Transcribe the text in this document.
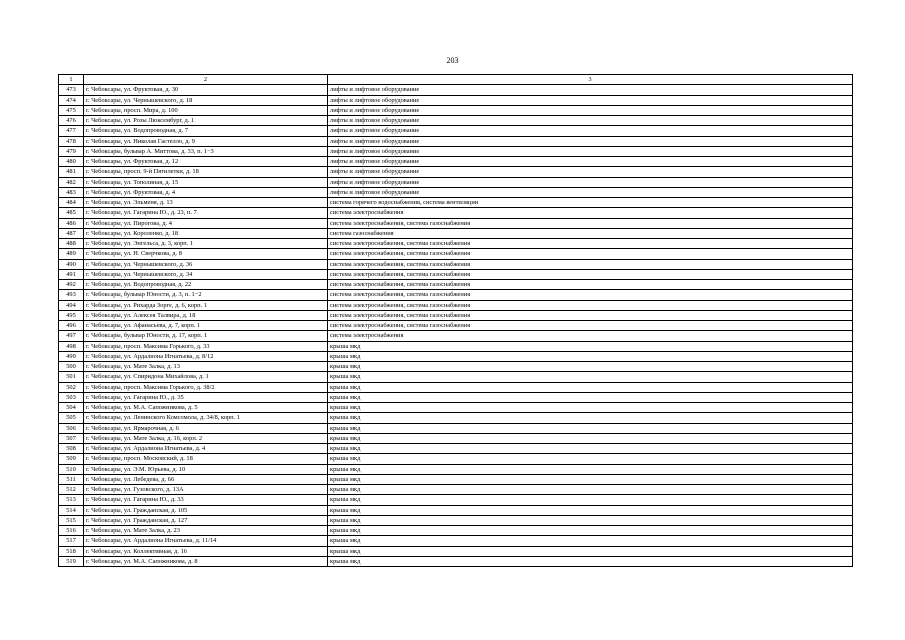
203
1	2	3
473	г. Чебоксары, ул. Фруктовая, д. 30	лифты и лифтовое оборудование
474	г. Чебоксары, ул. Чернышевского, д. 18	лифты и лифтовое оборудование
475	г. Чебоксары, просп. Мира, д. 100	лифты и лифтовое оборудование
476	г. Чебоксары, ул. Розы Люксембург, д. 1	лифты и лифтовое оборудование
477	г. Чебоксары, ул. Водопроводная, д. 7	лифты и лифтовое оборудование
478	г. Чебоксары, ул. Николая Гастелло, д. 9	лифты и лифтовое оборудование
479	г. Чебоксары, бульвар А. Миттова, д. 33, п. 1−3	лифты и лифтовое оборудование
480	г. Чебоксары, ул. Фруктовая, д. 12	лифты и лифтовое оборудование
481	г. Чебоксары, просп. 9-й Пятилетки, д. 18	лифты и лифтовое оборудование
482	г. Чебоксары, ул. Тополиная, д. 15	лифты и лифтовое оборудование
483	г. Чебоксары, ул. Фруктовая, д. 4	лифты и лифтовое оборудование
484	г. Чебоксары, ул. Эльменя, д. 13	система горячего водоснабжения, система вентиляции
485	г. Чебоксары, ул. Гагарина Ю., д. 23, п. 7	система электроснабжения
486	г. Чебоксары, ул. Пирогова, д. 4	система электроснабжения, система газоснабжения
487	г. Чебоксары, ул. Короленко, д. 18	система газоснабжения
488	г. Чебоксары, ул. Энгельса, д. 3, корп. 1	система электроснабжения, система газоснабжения
489	г. Чебоксары, ул. Н. Сверчкова, д. 8	система электроснабжения, система газоснабжения
490	г. Чебоксары, ул. Чернышевского, д. 36	система электроснабжения, система газоснабжения
491	г. Чебоксары, ул. Чернышевского, д. 34	система электроснабжения, система газоснабжения
492	г. Чебоксары, ул. Водопроводная, д. 22	система электроснабжения, система газоснабжения
493	г. Чебоксары, бульвар Юности, д. 3, п. 1−2	система электроснабжения, система газоснабжения
494	г. Чебоксары, ул. Рихарда Зорге, д. 6, корп. 1	система электроснабжения, система газоснабжения
495	г. Чебоксары, ул. Алексея Талвира, д. 18	система электроснабжения, система газоснабжения
496	г. Чебоксары, ул. Афанасьева, д. 7, корп. 1	система электроснабжения, система газоснабжения
497	г. Чебоксары, бульвар Юности, д. 17, корп. 1	система электроснабжения
498	г. Чебоксары, просп. Максима Горького, д. 33	крыша мкд
499	г. Чебоксары, ул. Ардалиона Игнатьева, д. 8/12	крыша мкд
500	г. Чебоксары, ул. Мате Залка, д. 13	крыша мкд
501	г. Чебоксары, ул. Спиридона Михайлова, д. 1	крыша мкд
502	г. Чебоксары, просп. Максима Горького, д. 38/2	крыша мкд
503	г. Чебоксары, ул. Гагарина Ю., д. 35	крыша мкд
504	г. Чебоксары, ул. М.А. Сапожникова, д. 5	крыша мкд
505	г. Чебоксары, ул. Ленинского Комсомола, д. 34/8, корп. 1	крыша мкд
506	г. Чебоксары, ул. Ярмарочная, д. 6	крыша мкд
507	г. Чебоксары, ул. Мате Залка, д. 16, корп. 2	крыша мкд
508	г. Чебоксары, ул. Ардалиона Игнатьева, д. 4	крыша мкд
509	г. Чебоксары, просп. Московский, д. 18	крыша мкд
510	г. Чебоксары, ул. Э.М. Юрьева, д. 10	крыша мкд
511	г. Чебоксары, ул. Лебедева, д. 66	крыша мкд
512	г. Чебоксары, ул. Гузовского, д. 13А	крыша мкд
513	г. Чебоксары, ул. Гагарина Ю., д. 33	крыша мкд
514	г. Чебоксары, ул. Гражданская, д. 105	крыша мкд
515	г. Чебоксары, ул. Гражданская, д. 127	крыша мкд
516	г. Чебоксары, ул. Мате Залка, д. 23	крыша мкд
517	г. Чебоксары, ул. Ардалиона Игнатьева, д. 11/14	крыша мкд
518	г. Чебоксары, ул. Коллективная, д. 16	крыша мкд
519	г. Чебоксары, ул. М.А. Сапожникова, д. 8	крыша мкд
